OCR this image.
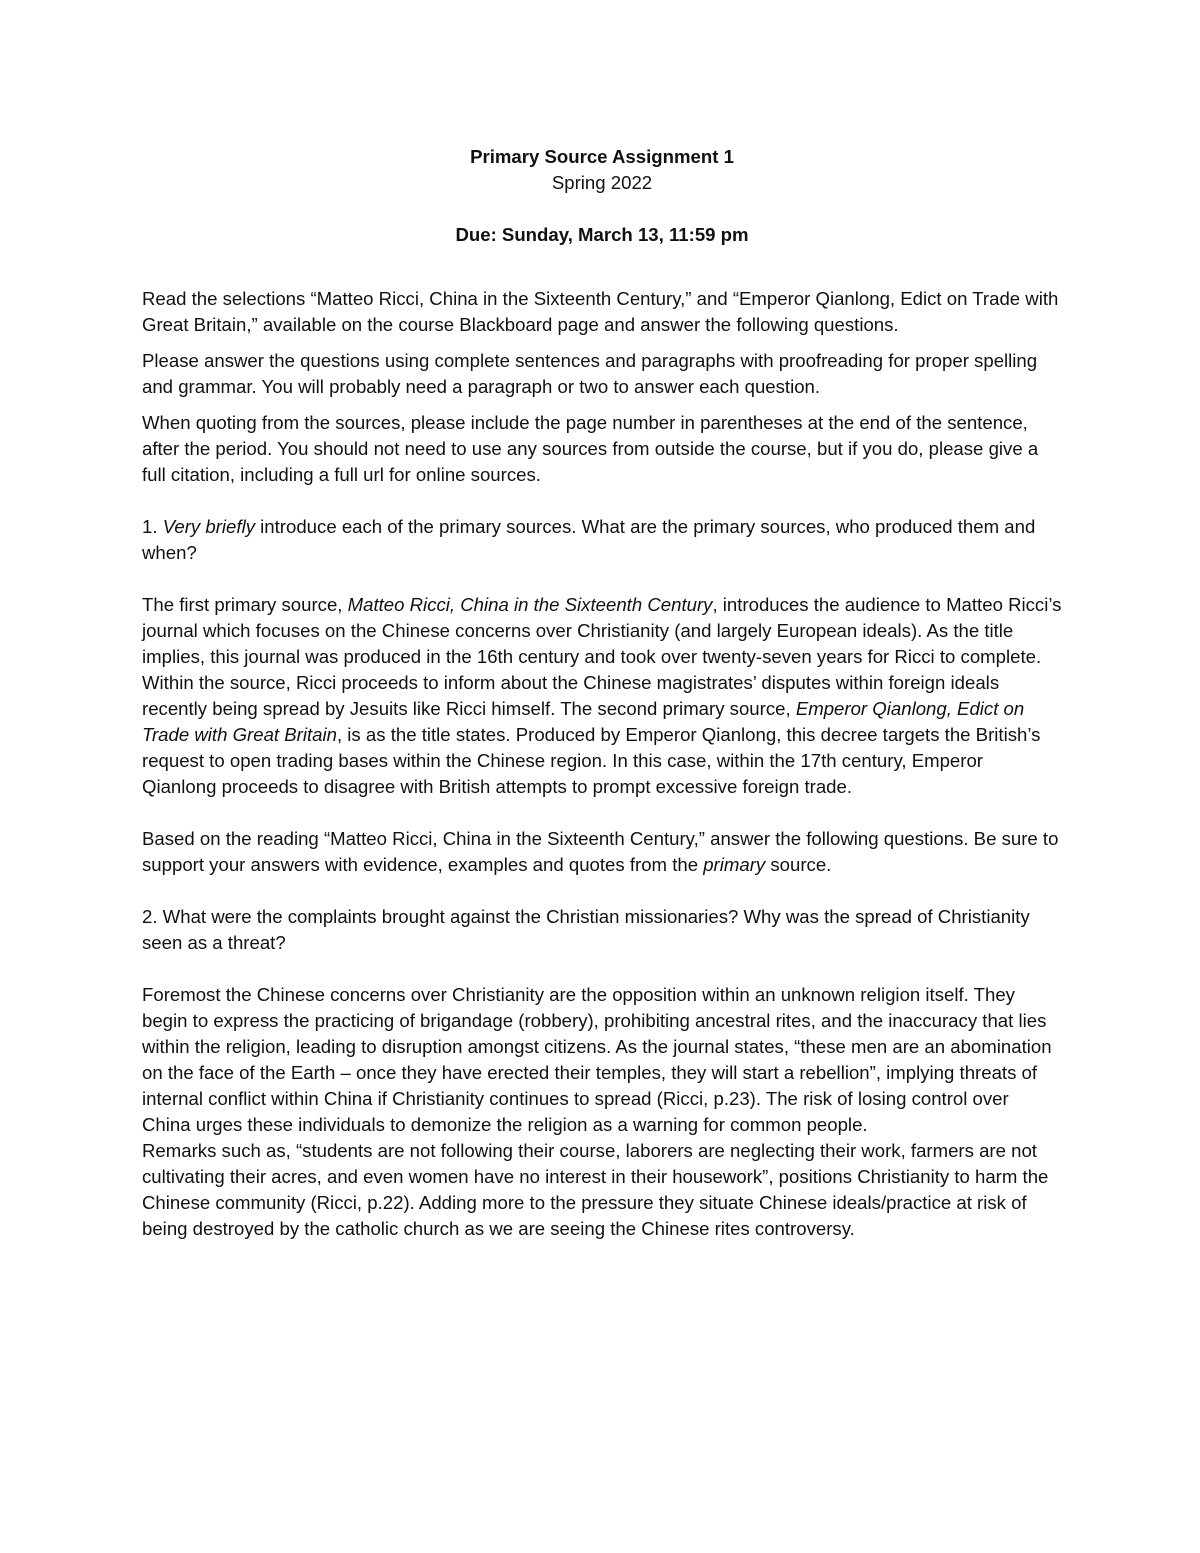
Primary Source Assignment 1

Spring 2022

Due: Sunday, March 13, 11:59 pm

Read the selections “Matteo Ricci, China in the Sixteenth Century,” and “Emperor Qianlong, Edict on Trade with Great Britain,” available on the course Blackboard page and answer the following questions.

Please answer the questions using complete sentences and paragraphs with proofreading for proper spelling and grammar. You will probably need a paragraph or two to answer each question.

When quoting from the sources, please include the page number in parentheses at the end of the sentence, after the period. You should not need to use any sources from outside the course, but if you do, please give a full citation, including a full url for online sources.

1. Very briefly introduce each of the primary sources. What are the primary sources, who produced them and when?

The first primary source, Matteo Ricci, China in the Sixteenth Century, introduces the audience to Matteo Ricci’s journal which focuses on the Chinese concerns over Christianity (and largely European ideals). As the title implies, this journal was produced in the 16th century and took over twenty-seven years for Ricci to complete. Within the source, Ricci proceeds to inform about the Chinese magistrates’ disputes within foreign ideals recently being spread by Jesuits like Ricci himself. The second primary source, Emperor Qianlong, Edict on Trade with Great Britain, is as the title states. Produced by Emperor Qianlong, this decree targets the British’s request to open trading bases within the Chinese region. In this case, within the 17th century, Emperor Qianlong proceeds to disagree with British attempts to prompt excessive foreign trade.

Based on the reading “Matteo Ricci, China in the Sixteenth Century,” answer the following questions. Be sure to support your answers with evidence, examples and quotes from the primary source.

2. What were the complaints brought against the Christian missionaries? Why was the spread of Christianity seen as a threat?

Foremost the Chinese concerns over Christianity are the opposition within an unknown religion itself. They begin to express the practicing of brigandage (robbery), prohibiting ancestral rites, and the inaccuracy that lies within the religion, leading to disruption amongst citizens. As the journal states, “these men are an abomination on the face of the Earth – once they have erected their temples, they will start a rebellion”, implying threats of internal conflict within China if Christianity continues to spread (Ricci, p.23). The risk of losing control over China urges these individuals to demonize the religion as a warning for common people.

Remarks such as, “students are not following their course, laborers are neglecting their work, farmers are not cultivating their acres, and even women have no interest in their housework”, positions Christianity to harm the Chinese community (Ricci, p.22). Adding more to the pressure they situate Chinese ideals/practice at risk of being destroyed by the catholic church as we are seeing the Chinese rites controversy.
